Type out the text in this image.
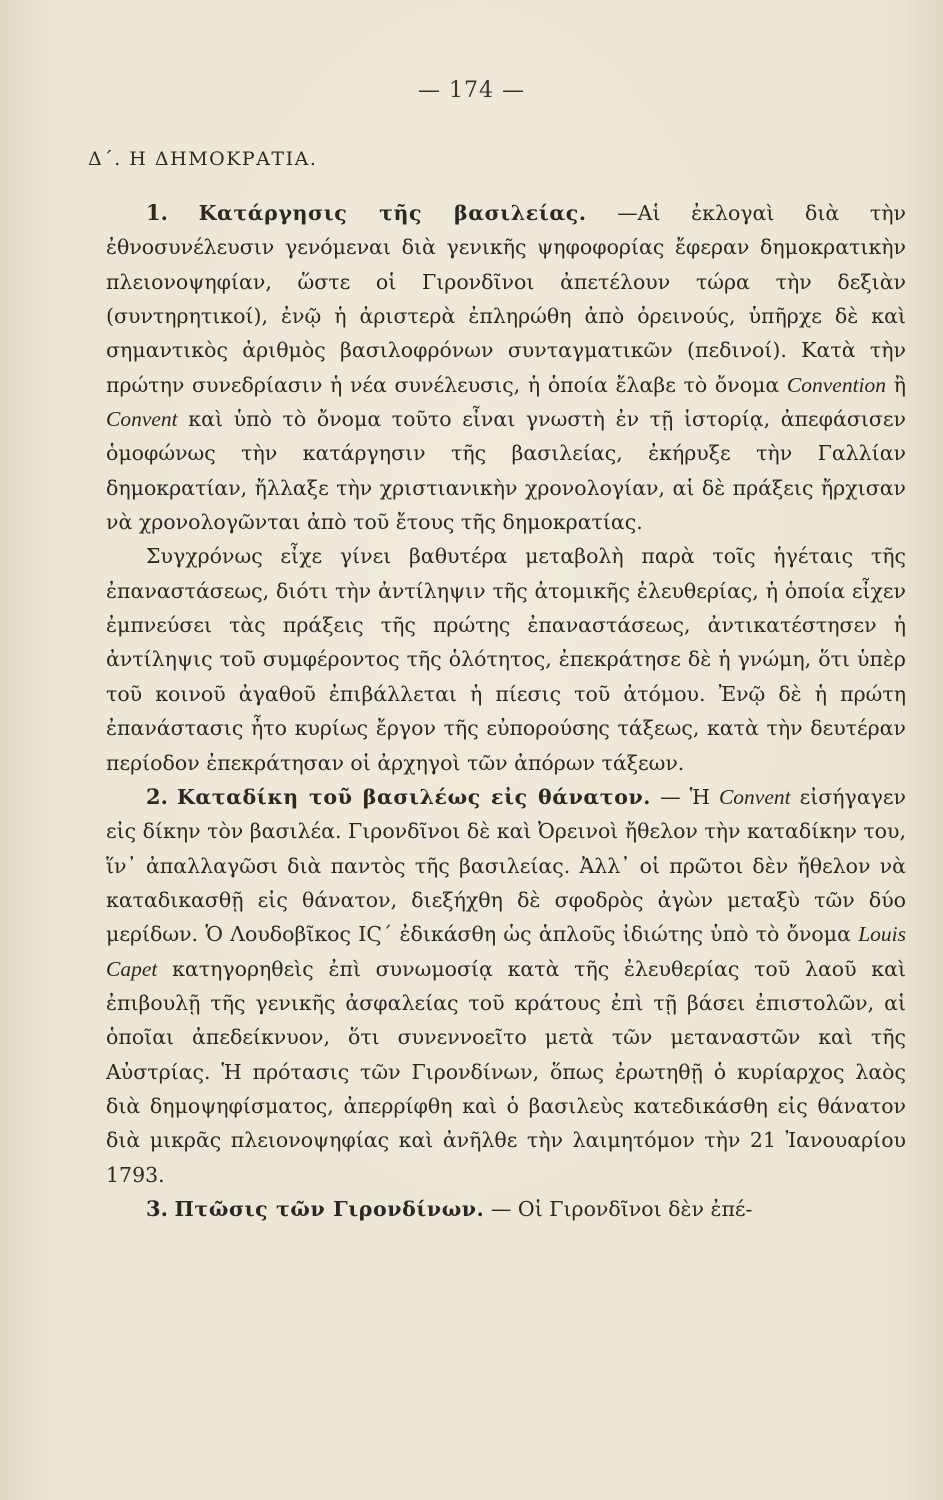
— 174 —
Δ΄. Η ΔΗΜΟΚΡΑΤΙΑ.

1. Κατάργησις τῆς βασιλείας. —Αἱ ἐκλογαὶ διὰ τὴν ἐθνοσυνέλευσιν γενόμεναι διὰ γενικῆς ψηφοφορίας ἔφεραν δημοκρατικὴν πλειονοψηφίαν, ὥστε οἱ Γιρονδῖνοι ἀπετέλουν τώρα τὴν δεξιὰν (συντηρητικοί), ἐνῷ ἡ ἀριστερὰ ἐπληρώθη ἀπὸ ὀρεινούς, ὑπῆρχε δὲ καὶ σημαντικὸς ἀριθμὸς βασιλοφρόνων συνταγματικῶν (πεδινοί). Κατὰ τὴν πρώτην συνεδρίασιν ἡ νέα συνέλευσις, ἡ ὁποία ἔλαβε τὸ ὄνομα Convention ἢ Convent καὶ ὑπὸ τὸ ὄνομα τοῦτο εἶναι γνωστὴ ἐν τῇ ἱστορίᾳ, ἀπεφάσισεν ὁμοφώνως τὴν κατάργησιν τῆς βασιλείας, ἐκήρυξε τὴν Γαλλίαν δημοκρατίαν, ἤλλαξε τὴν χριστιανικὴν χρονολογίαν, αἱ δὲ πράξεις ἤρχισαν νὰ χρονολογῶνται ἀπὸ τοῦ ἔτους τῆς δημοκρατίας.

Συγχρόνως εἶχε γίνει βαθυτέρα μεταβολὴ παρὰ τοῖς ἡγέταις τῆς ἐπαναστάσεως, διότι τὴν ἀντίληψιν τῆς ἀτομικῆς ἐλευθερίας, ἡ ὁποία εἶχεν ἐμπνεύσει τὰς πράξεις τῆς πρώτης ἐπαναστάσεως, ἀντικατέστησεν ἡ ἀντίληψις τοῦ συμφέροντος τῆς ὁλότητος, ἐπεκράτησε δὲ ἡ γνώμη, ὅτι ὑπὲρ τοῦ κοινοῦ ἀγαθοῦ ἐπιβάλλεται ἡ πίεσις τοῦ ἀτόμου. Ἐνῷ δὲ ἡ πρώτη ἐπανάστασις ἦτο κυρίως ἔργον τῆς εὐπορούσης τάξεως, κατὰ τὴν δευτέραν περίοδον ἐπεκράτησαν οἱ ἀρχηγοὶ τῶν ἀπόρων τάξεων.

2. Καταδίκη τοῦ βασιλέως εἰς θάνατον. — Ἡ Convent εἰσήγαγεν εἰς δίκην τὸν βασιλέα. Γιρονδῖνοι δὲ καὶ Ὀρεινοὶ ἤθελον τὴν καταδίκην του, ἵν᾿ ἀπαλλαγῶσι διὰ παντὸς τῆς βασιλείας. Ἀλλ᾿ οἱ πρῶτοι δὲν ἤθελον νὰ καταδικασθῇ εἰς θάνατον, διεξήχθη δὲ σφοδρὸς ἀγὼν μεταξὺ τῶν δύο μερίδων. Ὁ Λουδοβῖκος ΙϚ΄ ἐδικάσθη ὡς ἁπλοῦς ἰδιώτης ὑπὸ τὸ ὄνομα Louis Capet κατηγορηθεὶς ἐπὶ συνωμοσίᾳ κατὰ τῆς ἐλευθερίας τοῦ λαοῦ καὶ ἐπιβουλῇ τῆς γενικῆς ἀσφαλείας τοῦ κράτους ἐπὶ τῇ βάσει ἐπιστολῶν, αἱ ὁποῖαι ἀπεδείκνυον, ὅτι συνεννοεῖτο μετὰ τῶν μεταναστῶν καὶ τῆς Αὐστρίας. Ἡ πρότασις τῶν Γιρονδίνων, ὅπως ἐρωτηθῇ ὁ κυρίαρχος λαὸς διὰ δημοψηφίσματος, ἀπερρίφθη καὶ ὁ βασιλεὺς κατεδικάσθη εἰς θάνατον διὰ μικρᾶς πλειονοψηφίας καὶ ἀνῆλθε τὴν λαιμητόμον τὴν 21 Ἰανουαρίου 1793.

3. Πτῶσις τῶν Γιρονδίνων. — Οἱ Γιρονδῖνοι δὲν ἐπέ-
